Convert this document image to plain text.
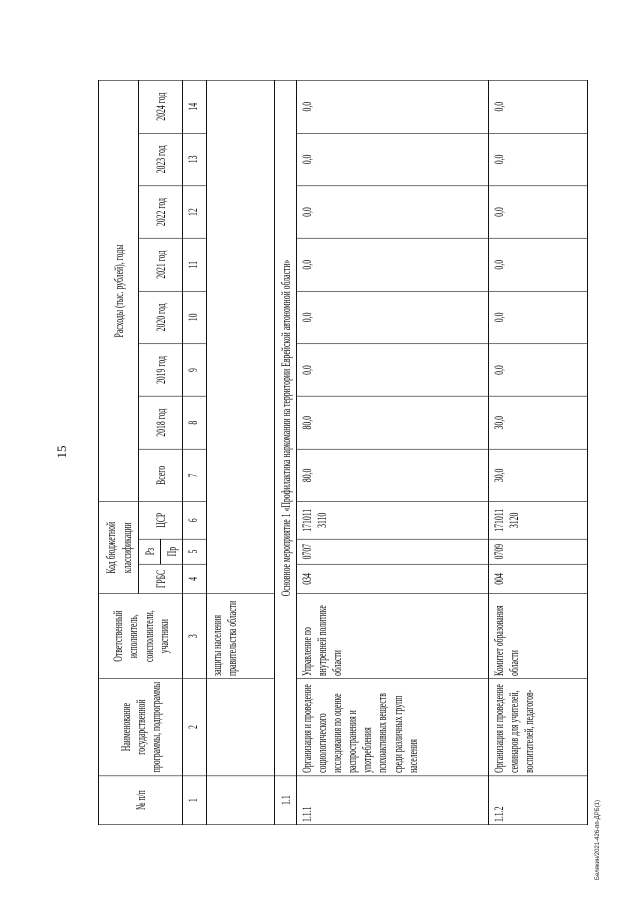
15
Белякин/2021-426-пп-ДРБ(1)
№ п/п	Наименование государственной программы, подпрограммы	Ответственный исполнитель, соисполнители, участники	Код бюджетной классификации			Расходы (тыс. рублей), годы							
			ГРБС	Рз	ЦСР	Всего	2018 год	2019 год	2020 год	2021 год	2022 год	2023 год	2024 год
				Пр									
1	2	3	4	5	6	7	8	9	10	11	12	13	14
		защиты населения правительства области											
1.1	Основное мероприятие 1 «Профилактика наркомании на территории Еврейской автономной области»												
1.1.1	Организация и проведение социологического исследования по оценке распространения и употребления психоактивных веществ среди различных групп населения	Управление по внутренней политике области	034	0707	171011 3110	80,0	80,0	0,0	0,0	0,0	0,0	0,0	0,0
1.1.2	Организация и проведение семинаров для учителей, воспитателей, педагогов-	Комитет образования области	004	0709	171011 3120	30,0	30,0	0,0	0,0	0,0	0,0	0,0	0,0
